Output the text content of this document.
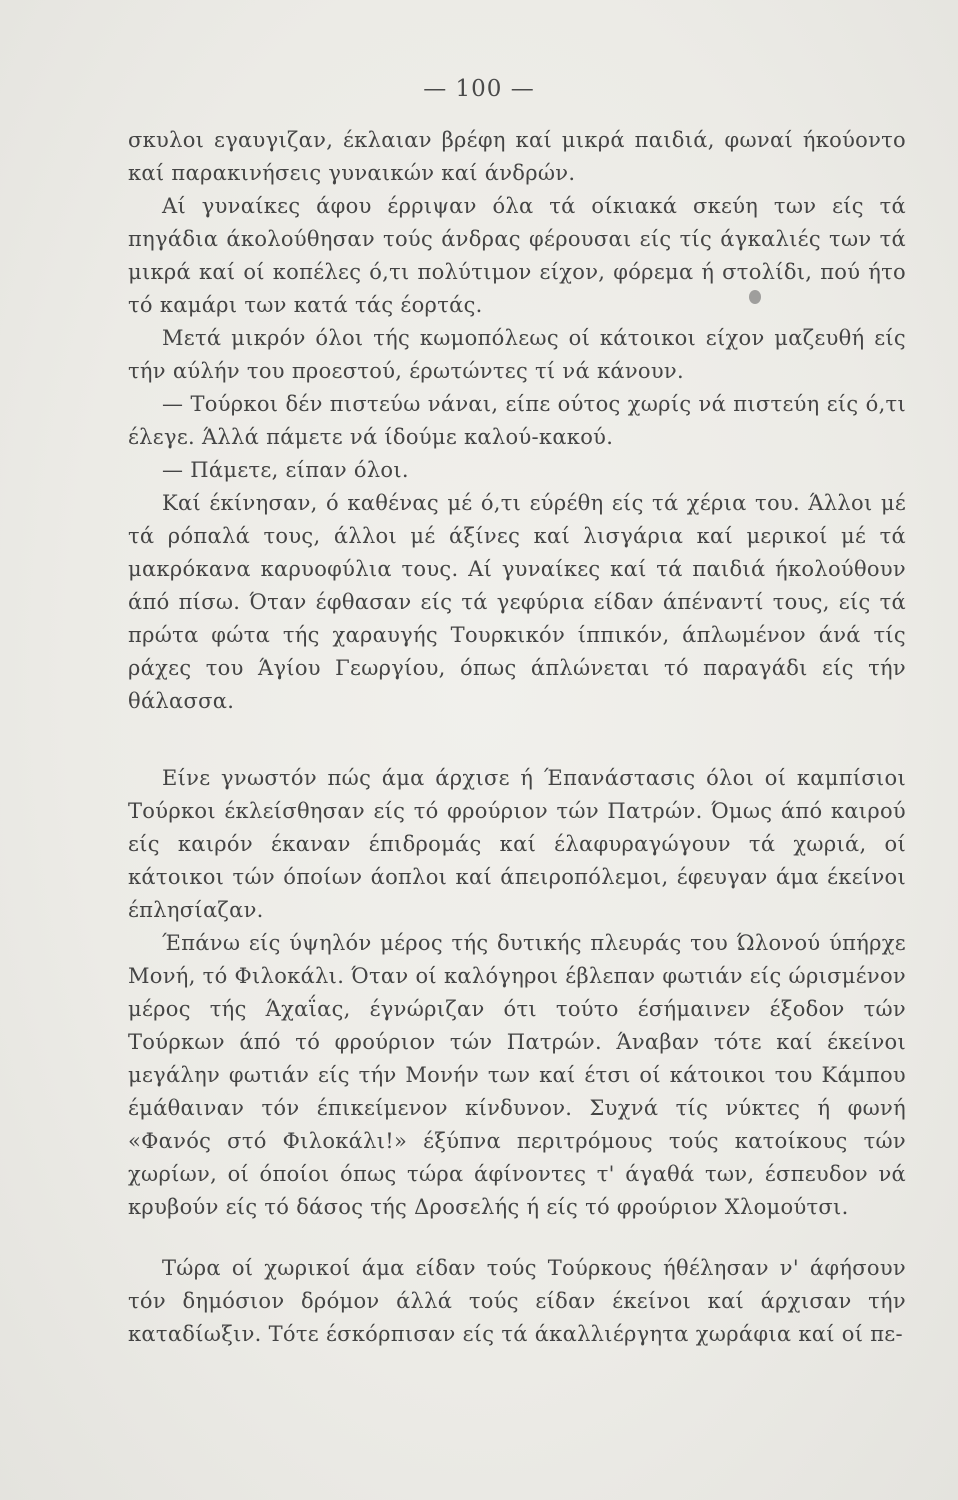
— 100 —

σκυλοι εγαυγιζαν, έκλαιαν βρέφη καί μικρά παιδιά, φωναί ήκούοντο καί παρακινήσεις γυναικών καί άνδρών.

Αί γυναίκες άφου έρριψαν όλα τά οίκιακά σκεύη των είς τά πηγάδια άκολούθησαν τούς άνδρας φέρουσαι είς τίς άγκαλιές των τά μικρά καί οί κοπέλες ό,τι πολύτιμον είχον, φόρεμα ή στολίδι, πού ήτο τό καμάρι των κατά τάς έορτάς.

Μετά μικρόν όλοι τής κωμοπόλεως οί κάτοικοι είχον μαζευθή είς τήν αύλήν του προεστού, έρωτώντες τί νά κάνουν.

— Τούρκοι δέν πιστεύω νάναι, είπε ούτος χωρίς νά πιστεύη είς ό,τι έλεγε. Άλλά πάμετε νά ίδούμε καλού-κακού.

— Πάμετε, είπαν όλοι.

Καί έκίνησαν, ό καθένας μέ ό,τι εύρέθη είς τά χέρια του. Άλλοι μέ τά ρόπαλά τους, άλλοι μέ άξίνες καί λισγάρια καί μερικοί μέ τά μακρόκανα καρυοφύλια τους. Αί γυναίκες καί τά παιδιά ήκολούθουν άπό πίσω. Όταν έφθασαν είς τά γεφύρια είδαν άπέναντί τους, είς τά πρώτα φώτα τής χαραυγής Τουρκικόν ίππικόν, άπλωμένον άνά τίς ράχες του Άγίου Γεωργίου, όπως άπλώνεται τό παραγάδι είς τήν θάλασσα.

Είνε γνωστόν πώς άμα άρχισε ή Έπανάστασις όλοι οί καμπίσιοι Τούρκοι έκλείσθησαν είς τό φρούριον τών Πατρών. Όμως άπό καιρού είς καιρόν έκαναν έπιδρομάς καί έλαφυραγώγουν τά χωριά, οί κάτοικοι τών όποίων άοπλοι καί άπειροπόλεμοι, έφευγαν άμα έκείνοι έπλησίαζαν.

Έπάνω είς ύψηλόν μέρος τής δυτικής πλευράς του Ώλονού ύπήρχε Μονή, τό Φιλοκάλι. Όταν οί καλόγηροι έβλεπαν φωτιάν είς ώρισμένον μέρος τής Άχαΐας, έγνώριζαν ότι τούτο έσήμαινεν έξοδον τών Τούρκων άπό τό φρούριον τών Πατρών. Άναβαν τότε καί έκείνοι μεγάλην φωτιάν είς τήν Μονήν των καί έτσι οί κάτοικοι του Κάμπου έμάθαιναν τόν έπικείμενον κίνδυνον. Συχνά τίς νύκτες ή φωνή «Φανός στό Φιλοκάλι!» έξύπνα περιτρόμους τούς κατοίκους τών χωρίων, οί όποίοι όπως τώρα άφίνοντες τ' άγαθά των, έσπευδον νά κρυβούν είς τό δάσος τής Δροσελής ή είς τό φρούριον Χλομούτσι.

Τώρα οί χωρικοί άμα είδαν τούς Τούρκους ήθέλησαν ν' άφήσουν τόν δημόσιον δρόμον άλλά τούς είδαν έκείνοι καί άρχισαν τήν καταδίωξιν. Τότε έσκόρπισαν είς τά άκαλλιέργητα χωράφια καί οί πε-
